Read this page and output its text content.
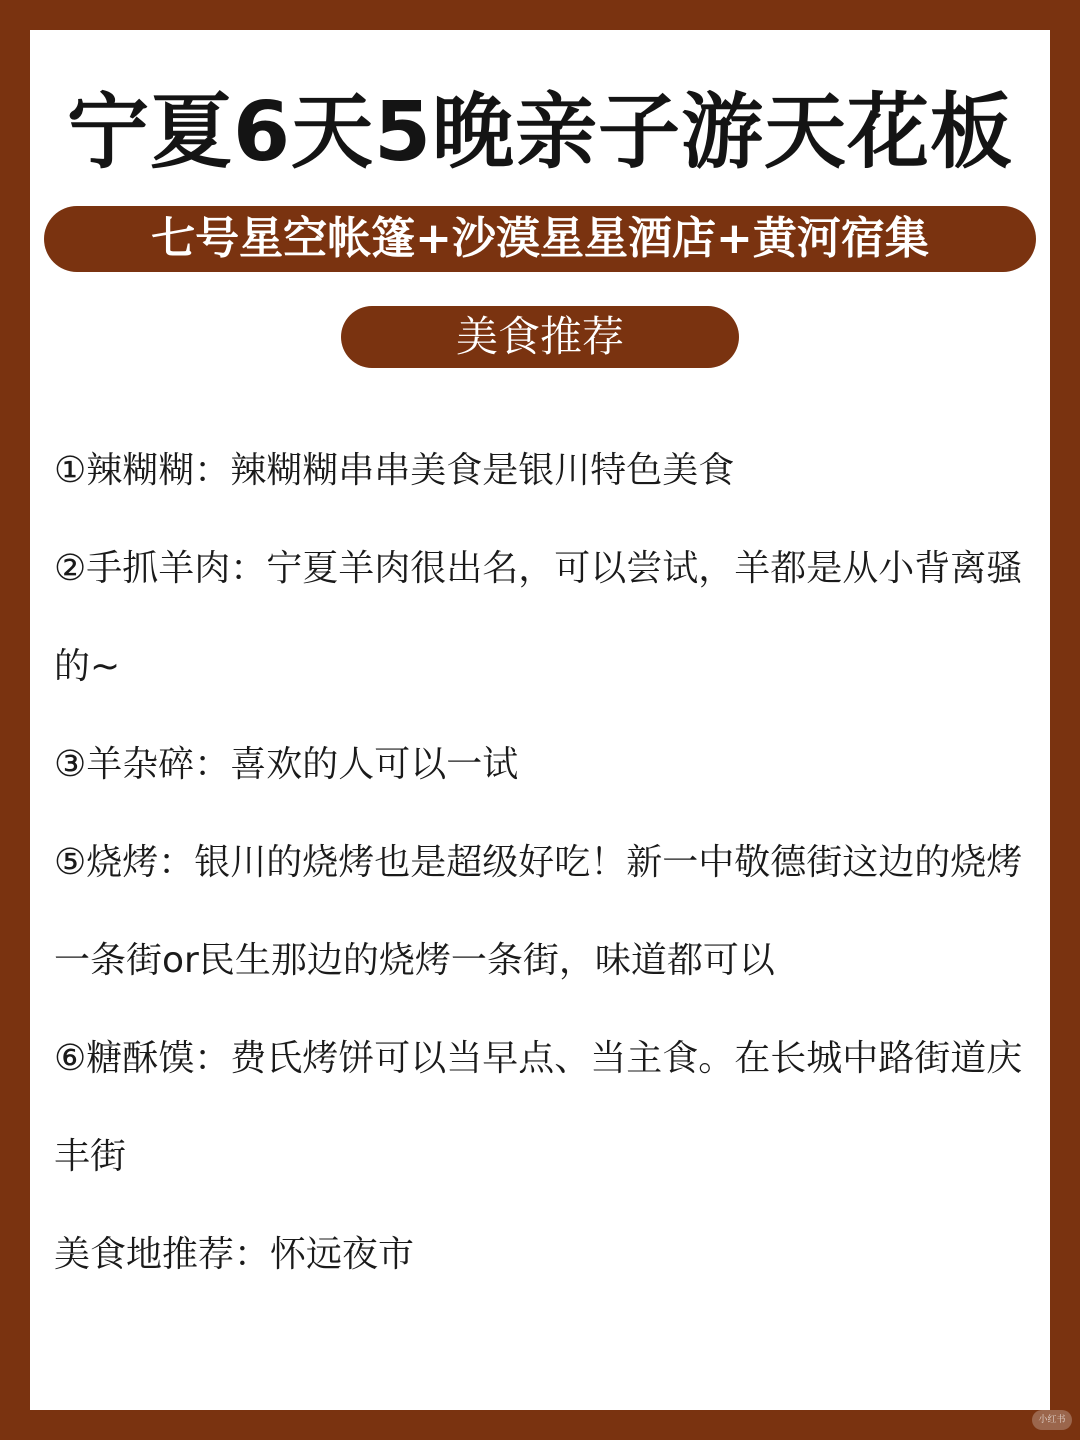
宁夏6天5晚亲子游天花板
七号星空帐篷+沙漠星星酒店+黄河宿集
美食推荐

①辣糊糊：辣糊糊串串美食是银川特色美食

②手抓羊肉：宁夏羊肉很出名，可以尝试，羊都是从小背离骚的~

③羊杂碎：喜欢的人可以一试

⑤烧烤：银川的烧烤也是超级好吃！新一中敬德街这边的烧烤一条街or民生那边的烧烤一条街，味道都可以

⑥糖酥馍：费氏烤饼可以当早点、当主食。在长城中路街道庆丰街

美食地推荐：怀远夜市

小红书
